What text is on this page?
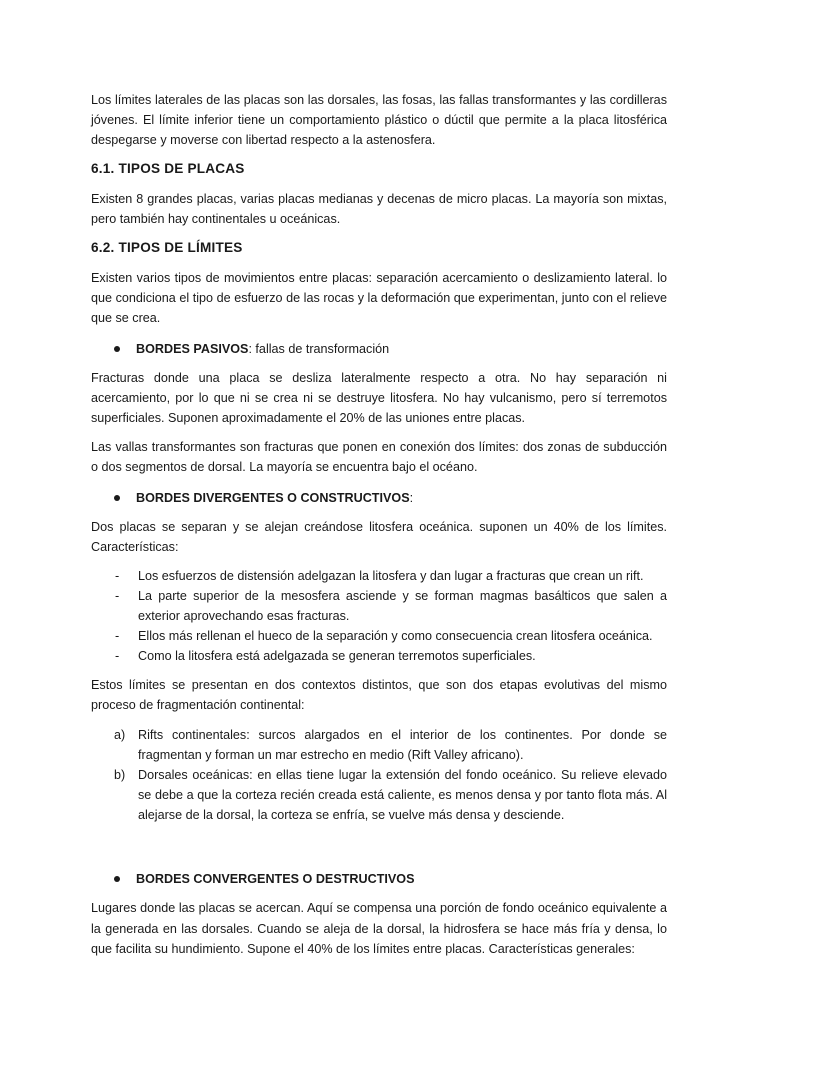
Los límites laterales de las placas son las dorsales, las fosas, las fallas transformantes y las cordilleras jóvenes. El límite inferior tiene un comportamiento plástico o dúctil que permite a la placa litosférica despegarse y moverse con libertad respecto a la astenosfera.

6.1. TIPOS DE PLACAS

Existen 8 grandes placas, varias placas medianas y decenas de micro placas. La mayoría son mixtas, pero también hay continentales u oceánicas.

6.2. TIPOS DE LÍMITES

Existen varios tipos de movimientos entre placas: separación acercamiento o deslizamiento lateral. lo que condiciona el tipo de esfuerzo de las rocas y la deformación que experimentan, junto con el relieve que se crea.

BORDES PASIVOS: fallas de transformación

Fracturas donde una placa se desliza lateralmente respecto a otra. No hay separación ni acercamiento, por lo que ni se crea ni se destruye litosfera. No hay vulcanismo, pero sí terremotos superficiales. Suponen aproximadamente el 20% de las uniones entre placas.

Las vallas transformantes son fracturas que ponen en conexión dos límites: dos zonas de subducción o dos segmentos de dorsal. La mayoría se encuentra bajo el océano.

BORDES DIVERGENTES O CONSTRUCTIVOS:

Dos placas se separan y se alejan creándose litosfera oceánica. suponen un 40% de los límites. Características:

- Los esfuerzos de distensión adelgazan la litosfera y dan lugar a fracturas que crean un rift.
- La parte superior de la mesosfera asciende y se forman magmas basálticos que salen a exterior aprovechando esas fracturas.
- Ellos más rellenan el hueco de la separación y como consecuencia crean litosfera oceánica.
- Como la litosfera está adelgazada se generan terremotos superficiales.

Estos límites se presentan en dos contextos distintos, que son dos etapas evolutivas del mismo proceso de fragmentación continental:

a) Rifts continentales: surcos alargados en el interior de los continentes. Por donde se fragmentan y forman un mar estrecho en medio (Rift Valley africano).
b) Dorsales oceánicas: en ellas tiene lugar la extensión del fondo oceánico. Su relieve elevado se debe a que la corteza recién creada está caliente, es menos densa y por tanto flota más. Al alejarse de la dorsal, la corteza se enfría, se vuelve más densa y desciende.
BORDES CONVERGENTES O DESTRUCTIVOS

Lugares donde las placas se acercan. Aquí se compensa una porción de fondo oceánico equivalente a la generada en las dorsales. Cuando se aleja de la dorsal, la hidrosfera se hace más fría y densa, lo que facilita su hundimiento. Supone el 40% de los límites entre placas. Características generales:
